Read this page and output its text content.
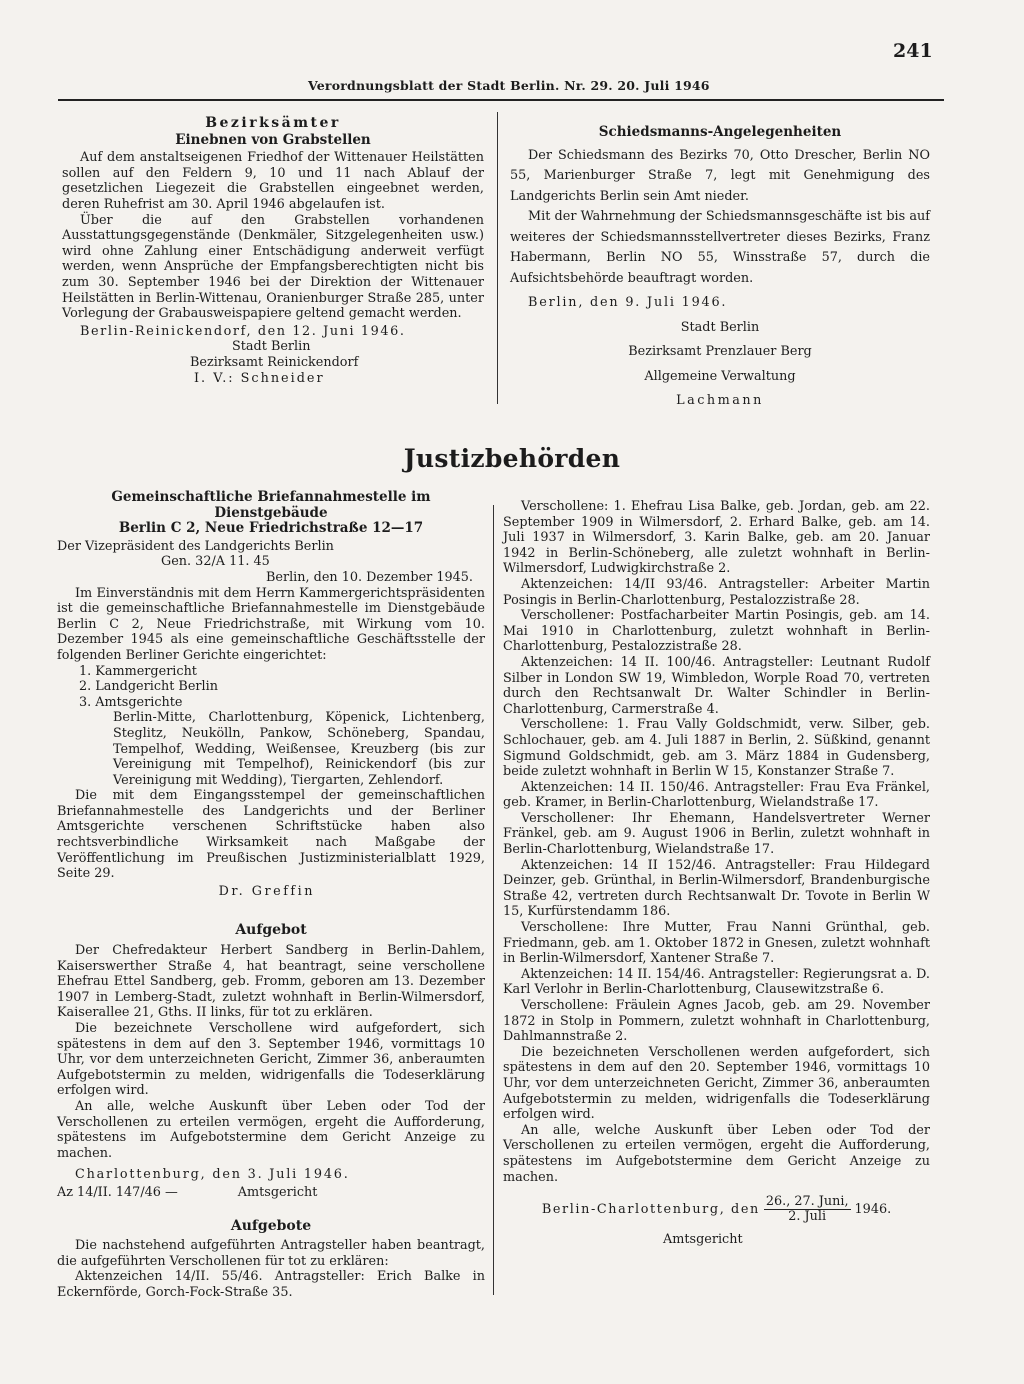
241
Verordnungsblatt der Stadt Berlin. Nr. 29. 20. Juli 1946

Bezirksämter

Einebnen von Grabstellen

Auf dem anstaltseigenen Friedhof der Wittenauer Heilstätten sollen auf den Feldern 9, 10 und 11 nach Ablauf der gesetzlichen Liegezeit die Grabstellen eingeebnet werden, deren Ruhefrist am 30. April 1946 abgelaufen ist.

Über die auf den Grabstellen vorhandenen Ausstattungsgegenstände (Denkmäler, Sitzgelegenheiten usw.) wird ohne Zahlung einer Entschädigung anderweit verfügt werden, wenn Ansprüche der Empfangsberechtigten nicht bis zum 30. September 1946 bei der Direktion der Wittenauer Heilstätten in Berlin-Wittenau, Oranienburger Straße 285, unter Vorlegung der Grabausweispapiere geltend gemacht werden.

Berlin-Reinickendorf, den 12. Juni 1946.

Stadt Berlin

Bezirksamt Reinickendorf

I. V.: Schneider

Schiedsmanns-Angelegenheiten

Der Schiedsmann des Bezirks 70, Otto Drescher, Berlin NO 55, Marienburger Straße 7, legt mit Genehmigung des Landgerichts Berlin sein Amt nieder.

Mit der Wahrnehmung der Schiedsmannsgeschäfte ist bis auf weiteres der Schiedsmannsstellvertreter dieses Bezirks, Franz Habermann, Berlin NO 55, Winsstraße 57, durch die Aufsichtsbehörde beauftragt worden.

Berlin, den 9. Juli 1946.

Stadt Berlin

Bezirksamt Prenzlauer Berg

Allgemeine Verwaltung

Lachmann

Justizbehörden

Gemeinschaftliche Briefannahmestelle im Dienstgebäude

Berlin C 2, Neue Friedrichstraße 12—17

Der Vizepräsident des Landgerichts Berlin

Gen. 32/A 11. 45

Berlin, den 10. Dezember 1945.

Im Einverständnis mit dem Herrn Kammergerichtspräsidenten ist die gemeinschaftliche Briefannahmestelle im Dienstgebäude Berlin C 2, Neue Friedrichstraße, mit Wirkung vom 10. Dezember 1945 als eine gemeinschaftliche Geschäftsstelle der folgenden Berliner Gerichte eingerichtet:

1. Kammergericht

2. Landgericht Berlin

3. Amtsgerichte

Berlin-Mitte, Charlottenburg, Köpenick, Lichtenberg, Steglitz, Neukölln, Pankow, Schöneberg, Spandau, Tempelhof, Wedding, Weißensee, Kreuzberg (bis zur Vereinigung mit Tempelhof), Reinickendorf (bis zur Vereinigung mit Wedding), Tiergarten, Zehlendorf.

Die mit dem Eingangsstempel der gemeinschaftlichen Briefannahmestelle des Landgerichts und der Berliner Amtsgerichte verschenen Schriftstücke haben also rechtsverbindliche Wirksamkeit nach Maßgabe der Veröffentlichung im Preußischen Justizministerialblatt 1929, Seite 29.

Dr. Greffin

Aufgebot

Der Chefredakteur Herbert Sandberg in Berlin-Dahlem, Kaiserswerther Straße 4, hat beantragt, seine verschollene Ehefrau Ettel Sandberg, geb. Fromm, geboren am 13. Dezember 1907 in Lemberg-Stadt, zuletzt wohnhaft in Berlin-Wilmersdorf, Kaiserallee 21, Gths. II links, für tot zu erklären.

Die bezeichnete Verschollene wird aufgefordert, sich spätestens in dem auf den 3. September 1946, vormittags 10 Uhr, vor dem unterzeichneten Gericht, Zimmer 36, anberaumten Aufgebotstermin zu melden, widrigenfalls die Todeserklärung erfolgen wird.

An alle, welche Auskunft über Leben oder Tod der Verschollenen zu erteilen vermögen, ergeht die Aufforderung, spätestens im Aufgebotstermine dem Gericht Anzeige zu machen.

Charlottenburg, den 3. Juli 1946.

Az 14/II. 147/46 —	Amtsgericht

Aufgebote

Die nachstehend aufgeführten Antragsteller haben beantragt, die aufgeführten Verschollenen für tot zu erklären:

Aktenzeichen 14/II. 55/46. Antragsteller: Erich Balke in Eckernförde, Gorch-Fock-Straße 35.

Verschollene: 1. Ehefrau Lisa Balke, geb. Jordan, geb. am 22. September 1909 in Wilmersdorf, 2. Erhard Balke, geb. am 14. Juli 1937 in Wilmersdorf, 3. Karin Balke, geb. am 20. Januar 1942 in Berlin-Schöneberg, alle zuletzt wohnhaft in Berlin-Wilmersdorf, Ludwigkirchstraße 2.

Aktenzeichen: 14/II 93/46. Antragsteller: Arbeiter Martin Posingis in Berlin-Charlottenburg, Pestalozzistraße 28.

Verschollener: Postfacharbeiter Martin Posingis, geb. am 14. Mai 1910 in Charlottenburg, zuletzt wohnhaft in Berlin-Charlottenburg, Pestalozzistraße 28.

Aktenzeichen: 14 II. 100/46. Antragsteller: Leutnant Rudolf Silber in London SW 19, Wimbledon, Worple Road 70, vertreten durch den Rechtsanwalt Dr. Walter Schindler in Berlin-Charlottenburg, Carmerstraße 4.

Verschollene: 1. Frau Vally Goldschmidt, verw. Silber, geb. Schlochauer, geb. am 4. Juli 1887 in Berlin, 2. Süßkind, genannt Sigmund Goldschmidt, geb. am 3. März 1884 in Gudensberg, beide zuletzt wohnhaft in Berlin W 15, Konstanzer Straße 7.

Aktenzeichen: 14 II. 150/46. Antragsteller: Frau Eva Fränkel, geb. Kramer, in Berlin-Charlottenburg, Wielandstraße 17.

Verschollener: Ihr Ehemann, Handelsvertreter Werner Fränkel, geb. am 9. August 1906 in Berlin, zuletzt wohnhaft in Berlin-Charlottenburg, Wielandstraße 17.

Aktenzeichen: 14 II 152/46. Antragsteller: Frau Hildegard Deinzer, geb. Grünthal, in Berlin-Wilmersdorf, Brandenburgische Straße 42, vertreten durch Rechtsanwalt Dr. Tovote in Berlin W 15, Kurfürstendamm 186.

Verschollene: Ihre Mutter, Frau Nanni Grünthal, geb. Friedmann, geb. am 1. Oktober 1872 in Gnesen, zuletzt wohnhaft in Berlin-Wilmersdorf, Xantener Straße 7.

Aktenzeichen: 14 II. 154/46. Antragsteller: Regierungsrat a. D. Karl Verlohr in Berlin-Charlottenburg, Clausewitzstraße 6.

Verschollene: Fräulein Agnes Jacob, geb. am 29. November 1872 in Stolp in Pommern, zuletzt wohnhaft in Charlottenburg, Dahlmannstraße 2.

Die bezeichneten Verschollenen werden aufgefordert, sich spätestens in dem auf den 20. September 1946, vormittags 10 Uhr, vor dem unterzeichneten Gericht, Zimmer 36, anberaumten Aufgebotstermin zu melden, widrigenfalls die Todeserklärung erfolgen wird.

An alle, welche Auskunft über Leben oder Tod der Verschollenen zu erteilen vermögen, ergeht die Aufforderung, spätestens im Aufgebotstermine dem Gericht Anzeige zu machen.

Berlin-Charlottenburg, den $\frac{\text{26., 27. Juni,}}{\text{2. Juli}} 1946$.

Amtsgericht
